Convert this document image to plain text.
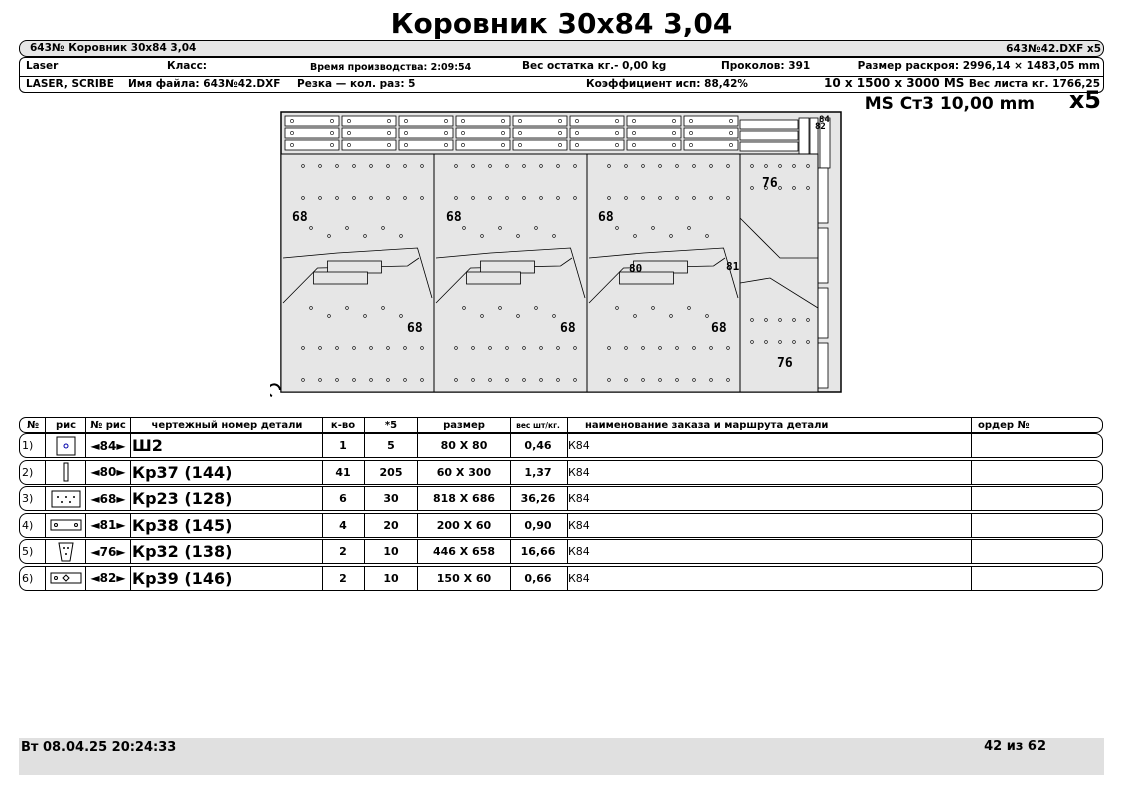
Коровник 30х84 3,04
643№ Коровник 30х84 3,04	643№42.DXF x5
Laser	Класс:	Время производства: 2:09:54	Вес остатка кг.- 0,00 kg	Проколов: 391	Размер раскроя: 2996,14 × 1483,05 mm
LASER, SCRIBE Имя файла: 643№42.DXF Резка — кол. раз: 5	Коэффициент исп: 88,42%	10 x 1500 x 3000 MS Вес листа кг. 1766,25
MS Ст3 10,00 mm x5
68	68	68
68	68	68
76
76
80	81
82
84
№	рис	№ рис	чертежный номер детали	к-во	*5	размер	вес шт/кг.	наименование заказа и маршрута детали	ордер №
1)	◄84► Ш2	1	5	80 X 80	0,46	К84
2)	◄80► Кр37 (144)	41	205	60 X 300	1,37	К84
3)	◄68► Кр23 (128)	6	30	818 X 686	36,26	К84
4)	◄81► Кр38 (145)	4	20	200 X 60	0,90	К84
5)	◄76► Кр32 (138)	2	10	446 X 658	16,66	К84
6)	◄82► Кр39 (146)	2	10	150 X 60	0,66	К84
Вт 08.04.25 20:24:33	42 из 62
